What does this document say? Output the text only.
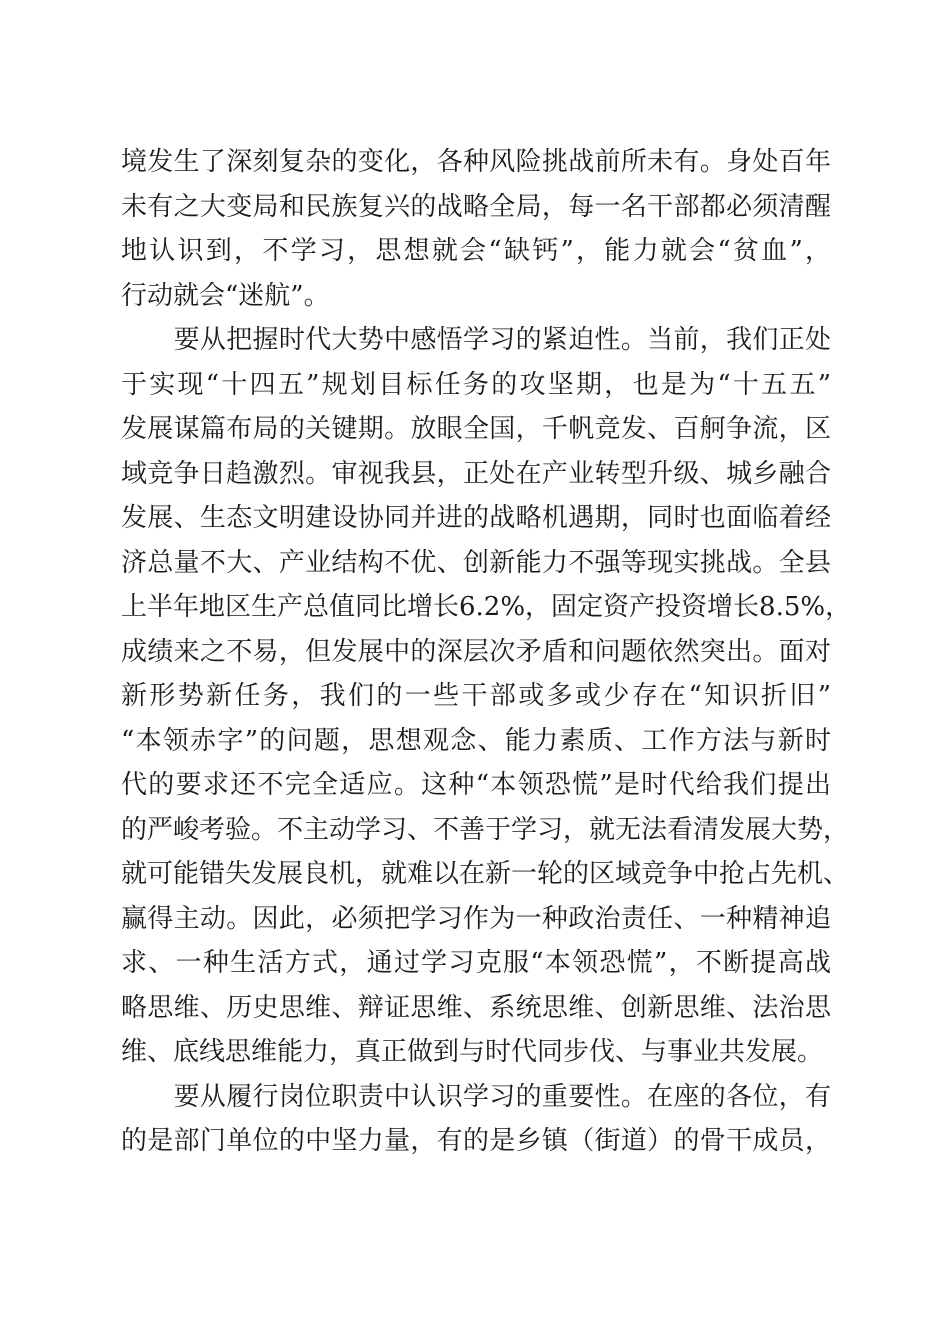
境发生了深刻复杂的变化，各种风险挑战前所未有。身处百年
未有之大变局和民族复兴的战略全局，每一名干部都必须清醒
地认识到，不学习，思想就会“缺钙”，能力就会“贫血”，
行动就会“迷航”。
　　要从把握时代大势中感悟学习的紧迫性。当前，我们正处
于实现“十四五”规划目标任务的攻坚期，也是为“十五五”
发展谋篇布局的关键期。放眼全国，千帆竞发、百舸争流，区
域竞争日趋激烈。审视我县，正处在产业转型升级、城乡融合
发展、生态文明建设协同并进的战略机遇期，同时也面临着经
济总量不大、产业结构不优、创新能力不强等现实挑战。全县
上半年地区生产总值同比增长6.2%，固定资产投资增长8.5%，
成绩来之不易，但发展中的深层次矛盾和问题依然突出。面对
新形势新任务，我们的一些干部或多或少存在“知识折旧”
“本领赤字”的问题，思想观念、能力素质、工作方法与新时
代的要求还不完全适应。这种“本领恐慌”是时代给我们提出
的严峻考验。不主动学习、不善于学习，就无法看清发展大势，
就可能错失发展良机，就难以在新一轮的区域竞争中抢占先机、
赢得主动。因此，必须把学习作为一种政治责任、一种精神追
求、一种生活方式，通过学习克服“本领恐慌”，不断提高战
略思维、历史思维、辩证思维、系统思维、创新思维、法治思
维、底线思维能力，真正做到与时代同步伐、与事业共发展。
　　要从履行岗位职责中认识学习的重要性。在座的各位，有
的是部门单位的中坚力量，有的是乡镇（街道）的骨干成员，
